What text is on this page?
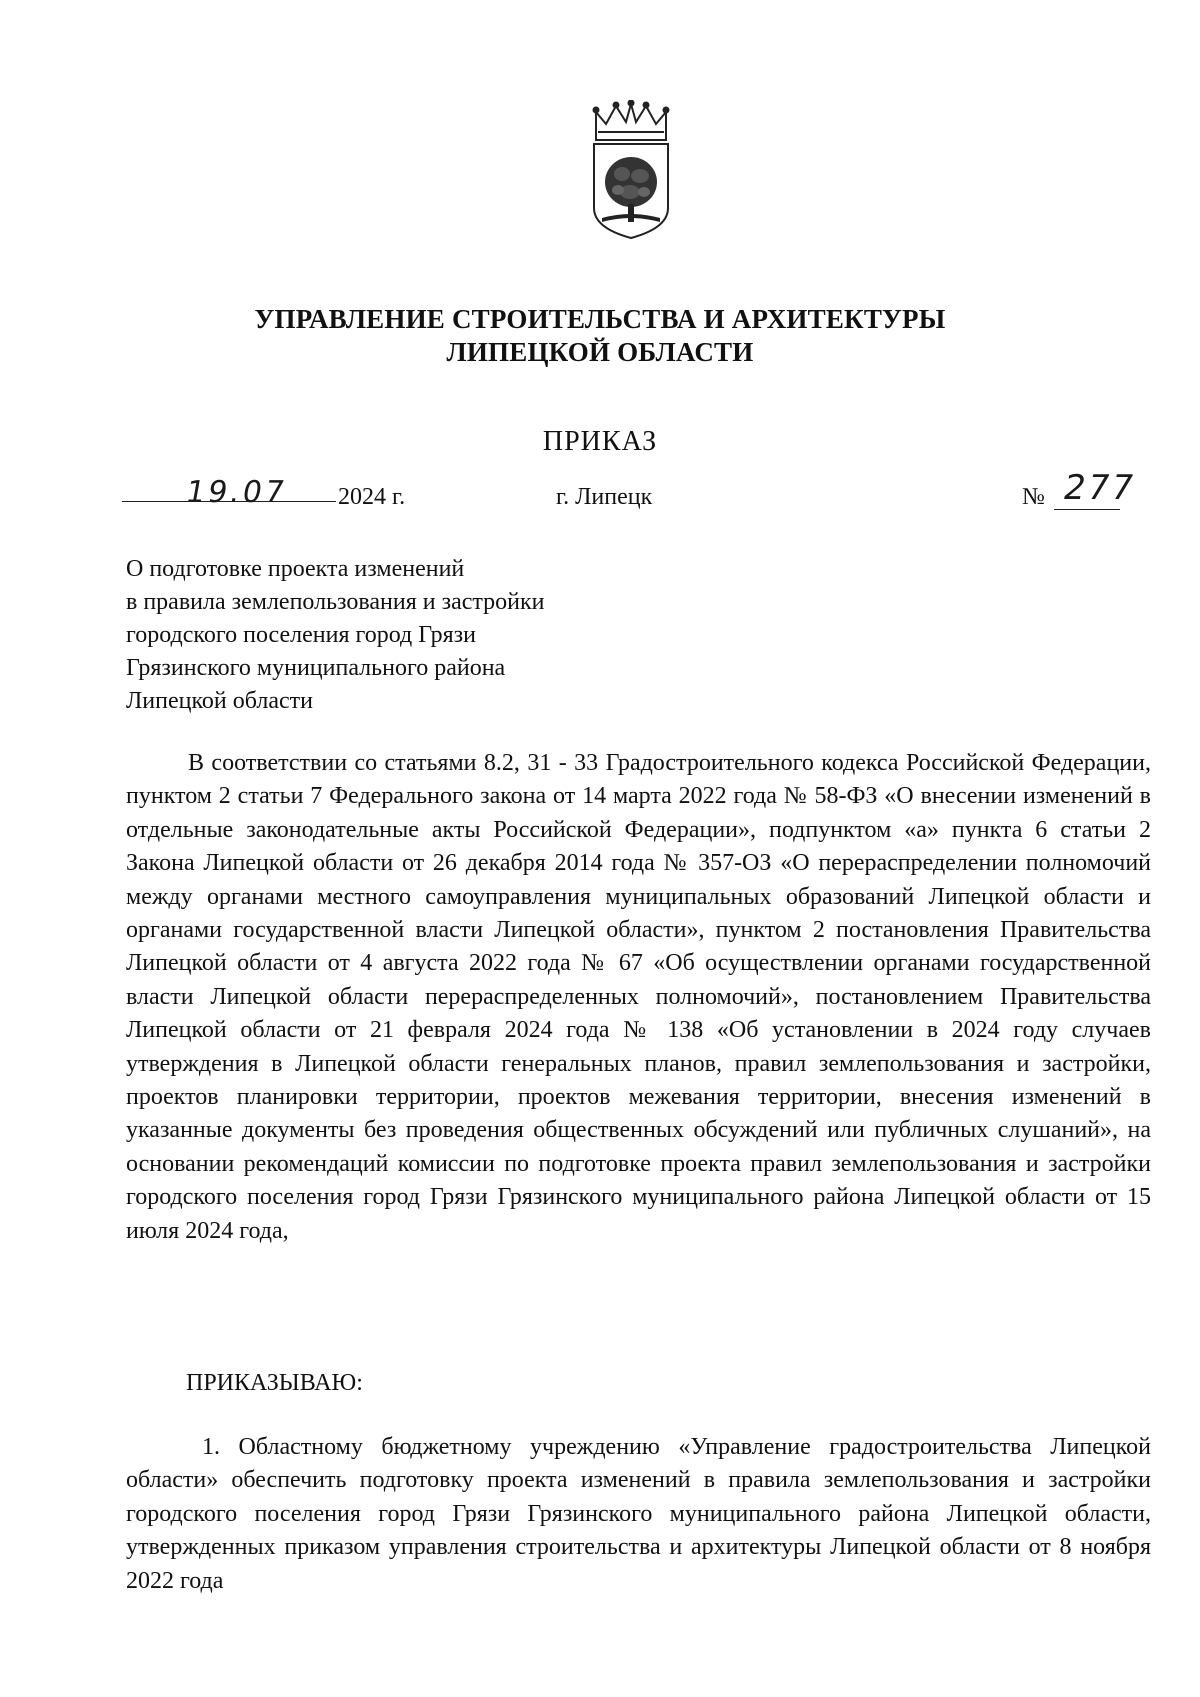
УПРАВЛЕНИЕ СТРОИТЕЛЬСТВА И АРХИТЕКТУРЫ
ЛИПЕЦКОЙ ОБЛАСТИ
ПРИКАЗ
19.07 2024 г.	г. Липецк	№ 277
О подготовке проекта изменений
в правила землепользования и застройки
городского поселения город Грязи
Грязинского муниципального района
Липецкой области
В соответствии со статьями 8.2, 31 - 33 Градостроительного кодекса Российской Федерации, пунктом 2 статьи 7 Федерального закона от 14 марта 2022 года № 58-ФЗ «О внесении изменений в отдельные законодательные акты Российской Федерации», подпунктом «а» пункта 6 статьи 2 Закона Липецкой области от 26 декабря 2014 года № 357-ОЗ «О перераспределении полномочий между органами местного самоуправления муниципальных образований Липецкой области и органами государственной власти Липецкой области», пунктом 2 постановления Правительства Липецкой области от 4 августа 2022 года № 67 «Об осуществлении органами государственной власти Липецкой области перераспределенных полномочий», постановлением Правительства Липецкой области от 21 февраля 2024 года № 138 «Об установлении в 2024 году случаев утверждения в Липецкой области генеральных планов, правил землепользования и застройки, проектов планировки территории, проектов межевания территории, внесения изменений в указанные документы без проведения общественных обсуждений или публичных слушаний», на основании рекомендаций комиссии по подготовке проекта правил землепользования и застройки городского поселения город Грязи Грязинского муниципального района Липецкой области от 15 июля 2024 года,
ПРИКАЗЫВАЮ:
1. Областному бюджетному учреждению «Управление градостроительства Липецкой области» обеспечить подготовку проекта изменений в правила землепользования и застройки городского поселения город Грязи Грязинского муниципального района Липецкой области, утвержденных приказом управления строительства и архитектуры Липецкой области от 8 ноября 2022 года
